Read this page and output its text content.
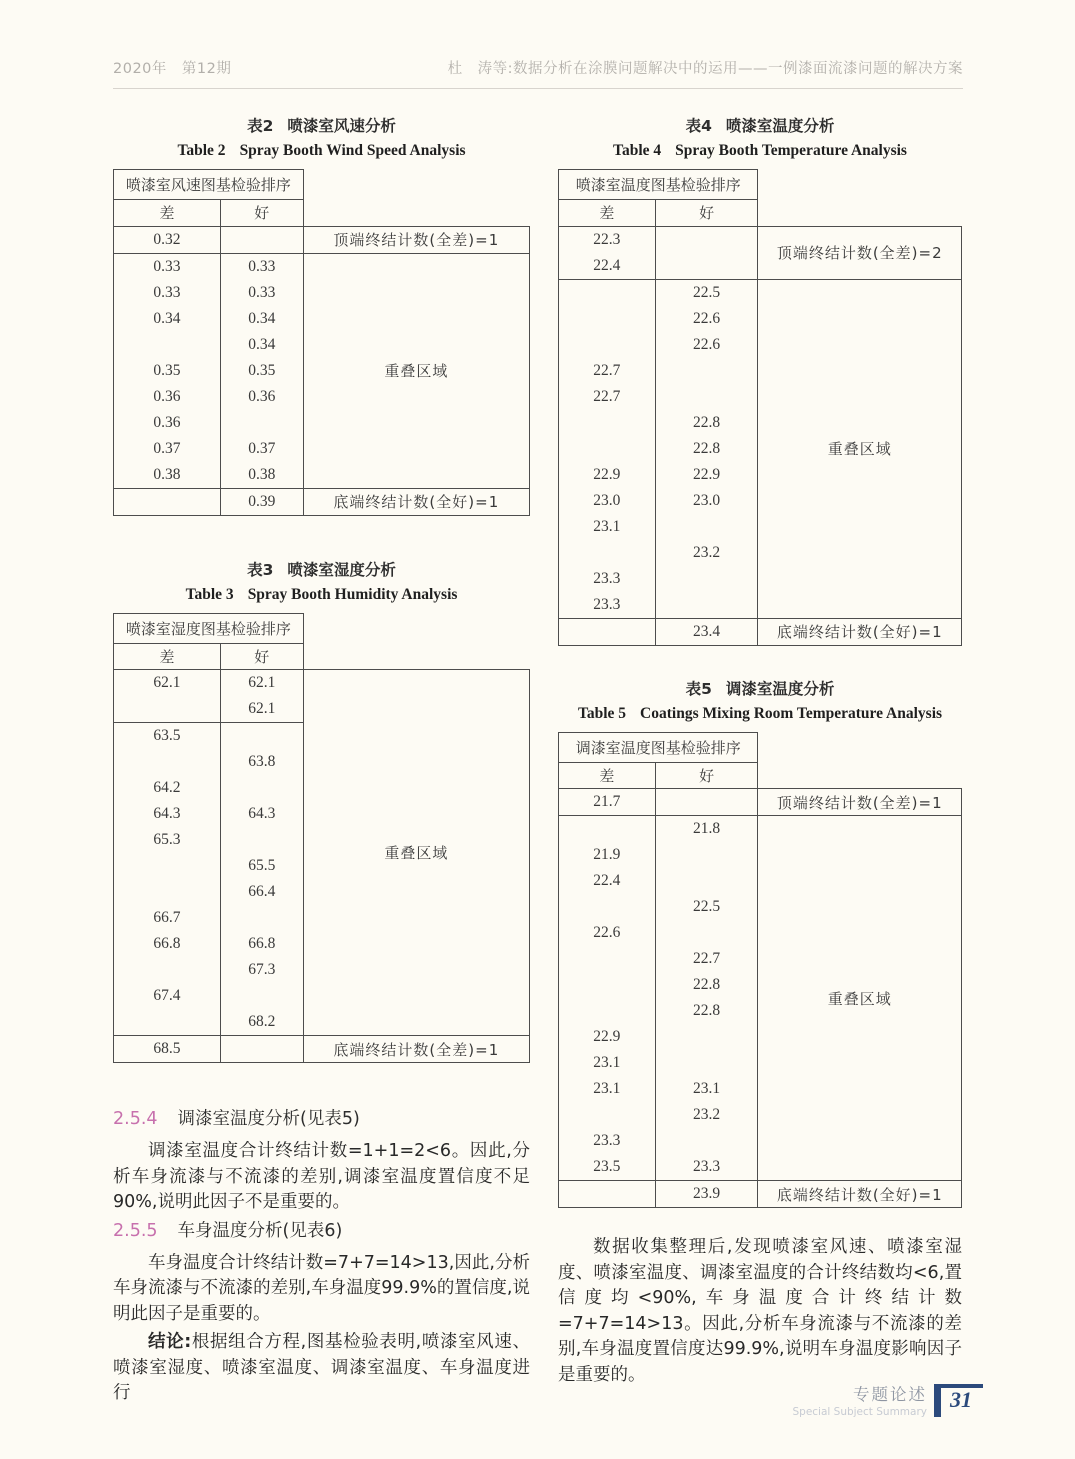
2020年　第12期	杜　涛等:数据分析在涂膜问题解决中的运用——一例漆面流漆问题的解决方案
表2 喷漆室风速分析
Table 2 Spray Booth Wind Speed Analysis
喷漆室风速图基检验排序		
差	好	
0.32		顶端终结计数(全差)=1
0.33	0.33	重叠区域
0.33	0.33	
0.34	0.34	
	0.34	
0.35	0.35	
0.36	0.36	
0.36		
0.37	0.37	
0.38	0.38	
	0.39	底端终结计数(全好)=1
表3 喷漆室湿度分析
Table 3 Spray Booth Humidity Analysis
喷漆室湿度图基检验排序		
差	好	
62.1	62.1	重叠区域
	62.1	
63.5		
	63.8	
64.2		
64.3	64.3	
65.3		
	65.5	
	66.4	
66.7		
66.8	66.8	
	67.3	
67.4		
	68.2	
68.5		底端终结计数(全差)=1
2.5.4 调漆室温度分析(见表5)

调漆室温度合计终结计数=1+1=2<6。因此,分析车身流漆与不流漆的差别,调漆室温度置信度不足90%,说明此因子不是重要的。

2.5.5 车身温度分析(见表6)

车身温度合计终结计数=7+7=14>13,因此,分析车身流漆与不流漆的差别,车身温度99.9%的置信度,说明此因子是重要的。

结论:根据组合方程,图基检验表明,喷漆室风速、喷漆室湿度、喷漆室温度、调漆室温度、车身温度进行

表4 喷漆室温度分析
Table 4 Spray Booth Temperature Analysis
喷漆室温度图基检验排序		
差	好	
22.3		顶端终结计数(全差)=2
22.4		
	22.5	重叠区域
	22.6	
	22.6	
22.7		
22.7		
	22.8	
	22.8	
22.9	22.9	
23.0	23.0	
23.1		
	23.2	
23.3		
23.3		
	23.4	底端终结计数(全好)=1
表5 调漆室温度分析
Table 5 Coatings Mixing Room Temperature Analysis
调漆室温度图基检验排序		
差	好	
21.7		顶端终结计数(全差)=1
	21.8	重叠区域
21.9		
22.4		
	22.5	
22.6		
	22.7	
	22.8	
	22.8	
22.9		
23.1		
23.1	23.1	
	23.2	
23.3		
23.5	23.3	
	23.9	底端终结计数(全好)=1

数据收集整理后,发现喷漆室风速、喷漆室湿度、喷漆室温度、调漆室温度的合计终结数均<6,置信度均<90%,车身温度合计终结计数=7+7=14>13。因此,分析车身流漆与不流漆的差别,车身温度置信度达99.9%,说明车身温度影响因子是重要的。

专题论述
Special Subject Summary	31
